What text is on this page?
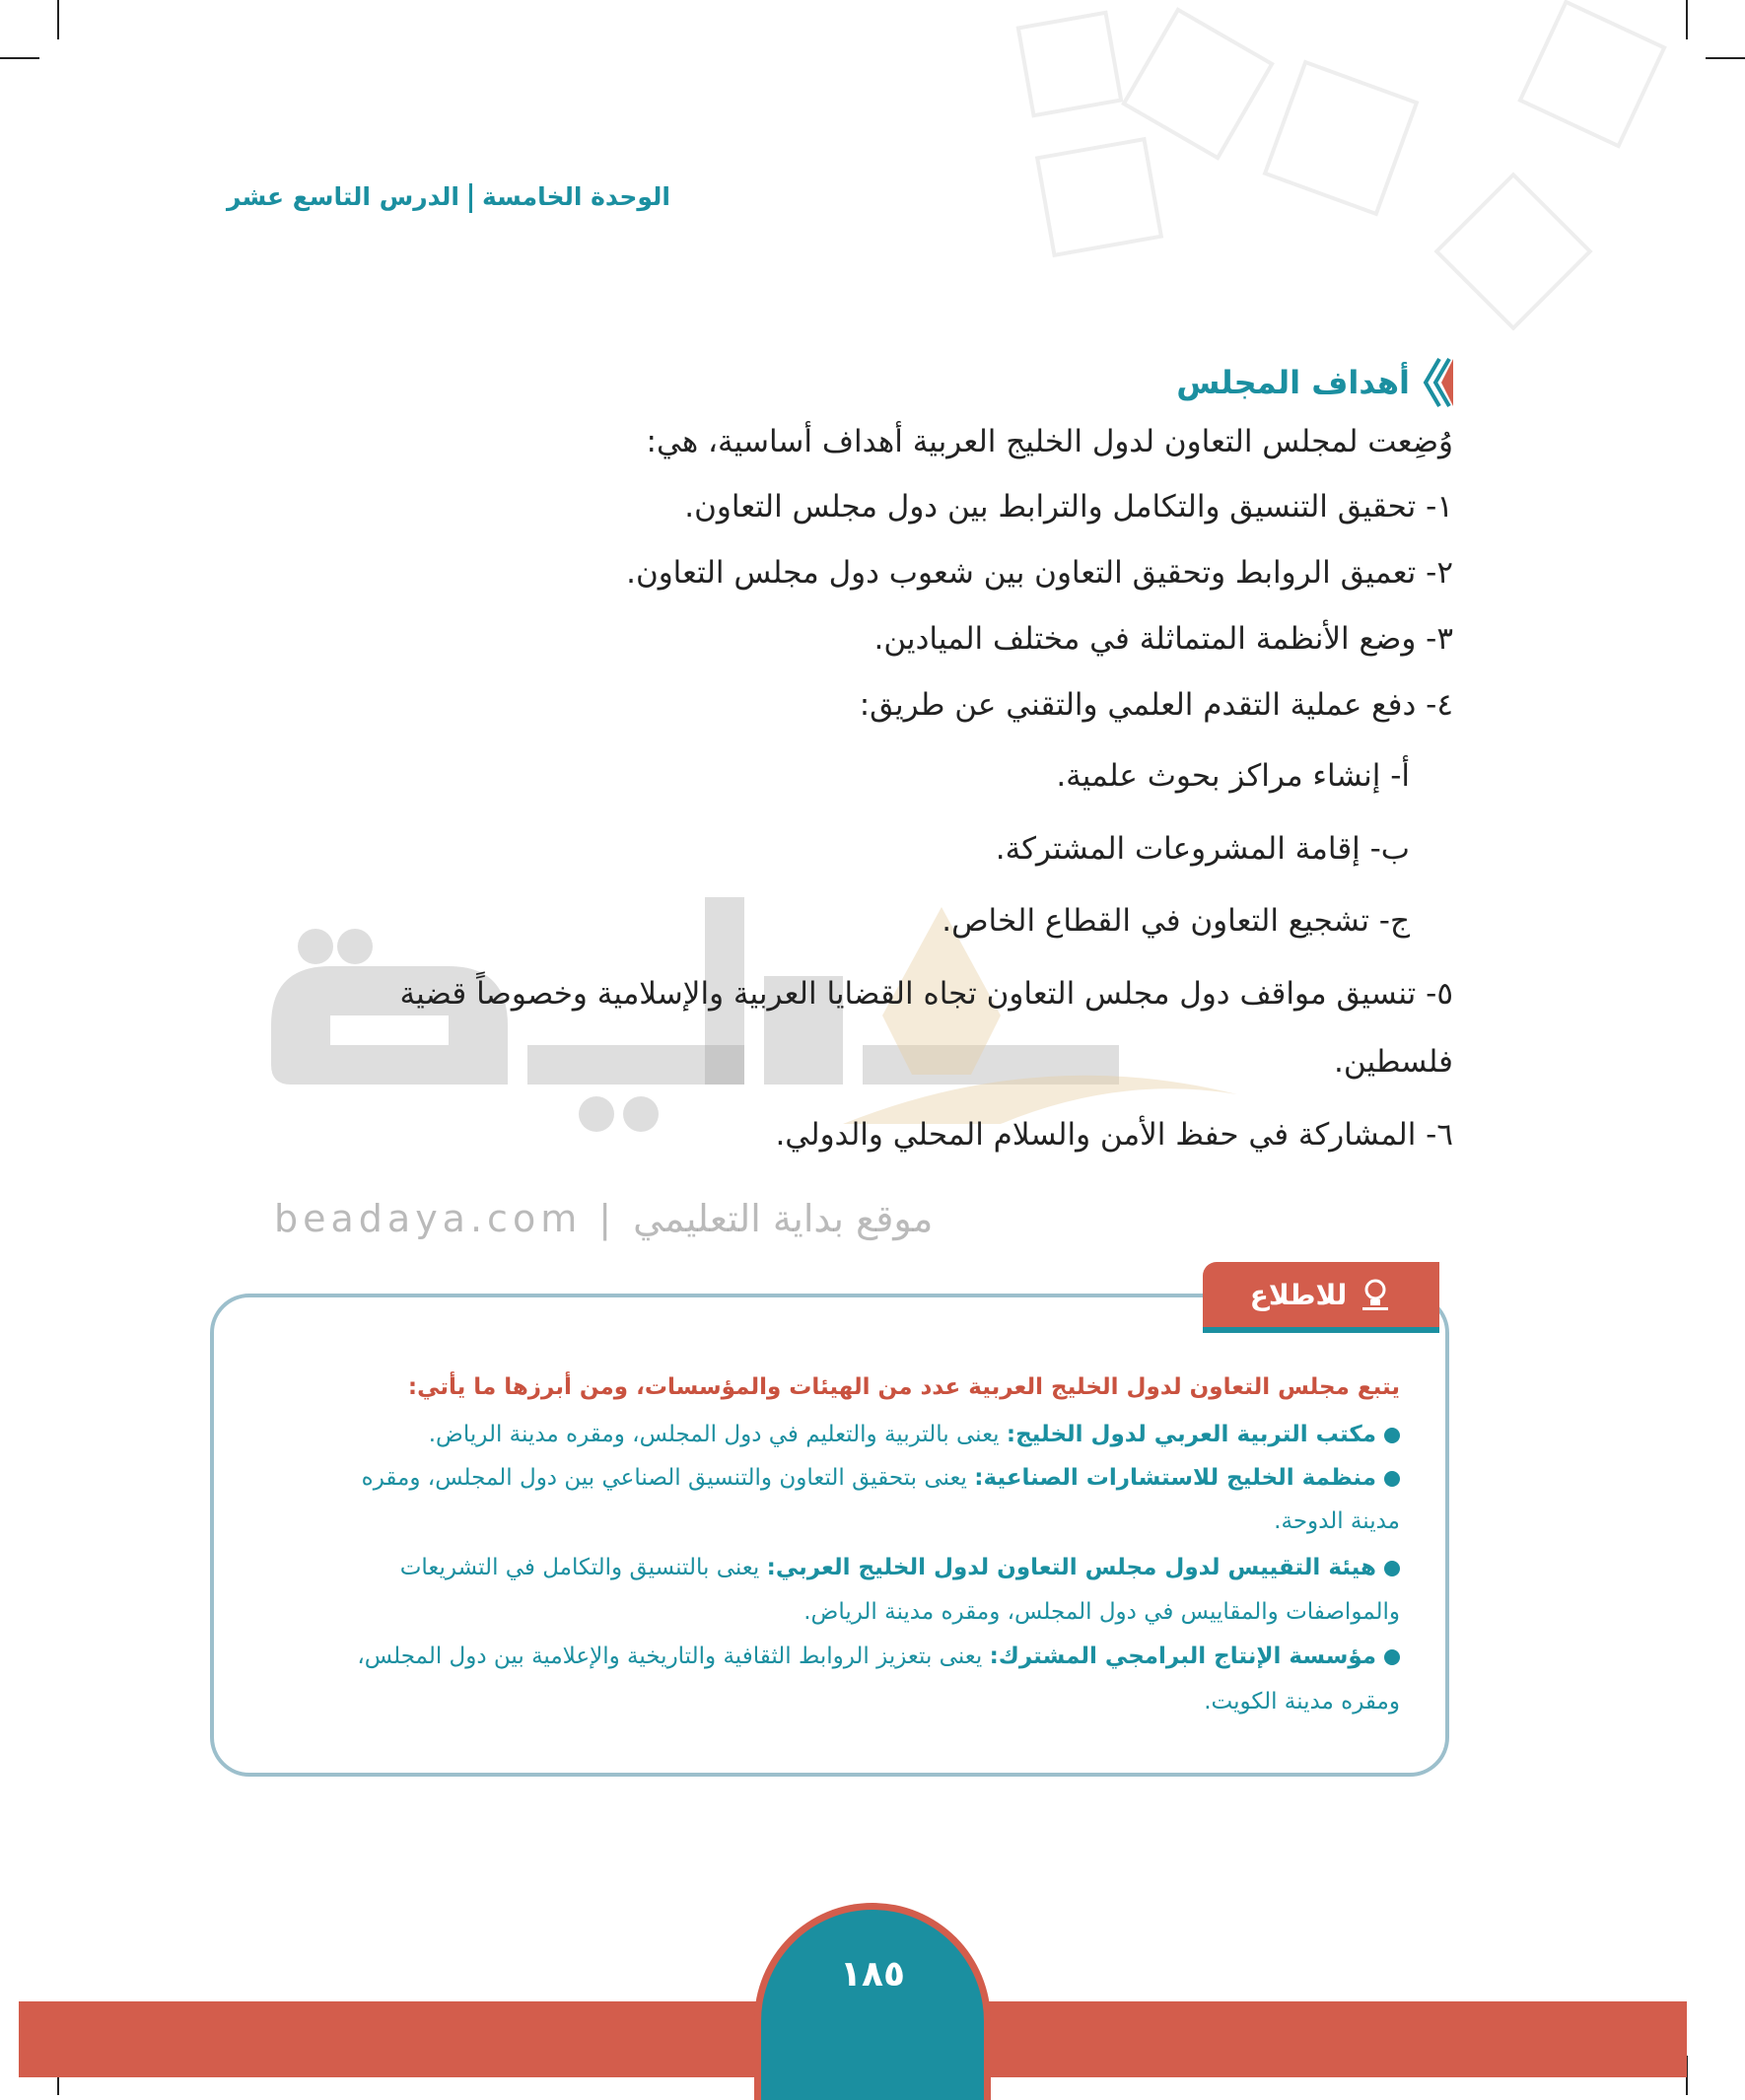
الوحدة الخامسةالدرس التاسع عشر
beadaya.com | موقع بداية التعليمي
أهداف المجلس
وُضِعت لمجلس التعاون لدول الخليج العربية أهداف أساسية، هي:
١- تحقيق التنسيق والتكامل والترابط بين دول مجلس التعاون.
٢- تعميق الروابط وتحقيق التعاون بين شعوب دول مجلس التعاون.
٣- وضع الأنظمة المتماثلة في مختلف الميادين.
٤- دفع عملية التقدم العلمي والتقني عن طريق:
أ- إنشاء مراكز بحوث علمية.
ب- إقامة المشروعات المشتركة.
ج- تشجيع التعاون في القطاع الخاص.
٥- تنسيق مواقف دول مجلس التعاون تجاه القضايا العربية والإسلامية وخصوصاً قضية
فلسطين.
٦- المشاركة في حفظ الأمن والسلام المحلي والدولي.
للاطلاع
يتبع مجلس التعاون لدول الخليج العربية عدد من الهيئات والمؤسسات، ومن أبرزها ما يأتي:
مكتب التربية العربي لدول الخليج: يعنى بالتربية والتعليم في دول المجلس، ومقره مدينة الرياض.
منظمة الخليج للاستشارات الصناعية: يعنى بتحقيق التعاون والتنسيق الصناعي بين دول المجلس، ومقره
مدينة الدوحة.
هيئة التقييس لدول مجلس التعاون لدول الخليج العربي: يعنى بالتنسيق والتكامل في التشريعات
والمواصفات والمقاييس في دول المجلس، ومقره مدينة الرياض.
مؤسسة الإنتاج البرامجي المشترك: يعنى بتعزيز الروابط الثقافية والتاريخية والإعلامية بين دول المجلس،
ومقره مدينة الكويت.
١٨٥
